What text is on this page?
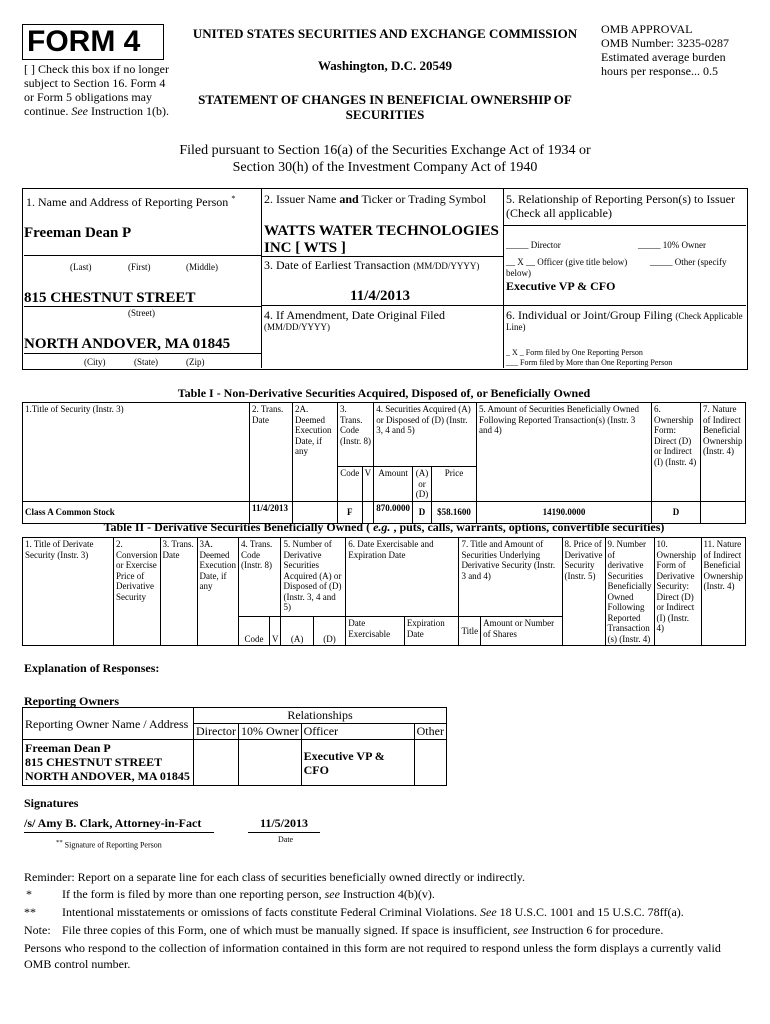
FORM 4
[ ] Check this box if no longer subject to Section 16. Form 4 or Form 5 obligations may continue. See Instruction 1(b).
UNITED STATES SECURITIES AND EXCHANGE COMMISSION
Washington, D.C. 20549
STATEMENT OF CHANGES IN BENEFICIAL OWNERSHIP OF
SECURITIES
OMB APPROVAL
OMB Number: 3235-0287
Estimated average burden
hours per response... 0.5
Filed pursuant to Section 16(a) of the Securities Exchange Act of 1934 or
Section 30(h) of the Investment Company Act of 1940
1. Name and Address of Reporting Person *
Freeman Dean P
(Last)	(First)	(Middle)
815 CHESTNUT STREET
(Street)
NORTH ANDOVER, MA 01845
(City)	(State)	(Zip)
2. Issuer Name and Ticker or Trading Symbol
WATTS WATER TECHNOLOGIES
INC [ WTS ]
3. Date of Earliest Transaction (MM/DD/YYYY)
11/4/2013
4. If Amendment, Date Original Filed
(MM/DD/YYYY)
5. Relationship of Reporting Person(s) to Issuer
(Check all applicable)
_____ Director	_____ 10% Owner
__ X __ Officer (give title below)	_____ Other (specify
below)
Executive VP & CFO
6. Individual or Joint/Group Filing (Check Applicable
Line)
_ X _ Form filed by One Reporting Person
___ Form filed by More than One Reporting Person
Table I - Non-Derivative Securities Acquired, Disposed of, or Beneficially Owned
1.Title of Security (Instr. 3)	2. Trans. Date	2A. Deemed Execution Date, if any	3. Trans. Code (Instr. 8)		4. Securities Acquired (A) or Disposed of (D) (Instr. 3, 4 and 5)			5. Amount of Securities Beneficially Owned Following Reported Transaction(s) (Instr. 3 and 4)	6. Ownership Form: Direct (D) or Indirect (I) (Instr. 4)	7. Nature of Indirect Beneficial Ownership (Instr. 4)
			Code	V	Amount	(A) or (D)	Price			
Class A Common Stock	11/4/2013		F		870.0000	D	$58.1600	14190.0000	D	
Table II - Derivative Securities Beneficially Owned ( e.g. , puts, calls, warrants, options, convertible securities)
1. Title of Derivate Security (Instr. 3)	2. Conversion or Exercise Price of Derivative Security	3. Trans. Date	3A. Deemed Execution Date, if any	4. Trans. Code (Instr. 8)		5. Number of Derivative Securities Acquired (A) or Disposed of (D) (Instr. 3, 4 and 5)		6. Date Exercisable and Expiration Date		7. Title and Amount of Securities Underlying Derivative Security (Instr. 3 and 4)		8. Price of Derivative Security (Instr. 5)	9. Number of derivative Securities Beneficially Owned Following Reported Transaction (s) (Instr. 4)	10. Ownership Form of Derivative Security: Direct (D) or Indirect (I) (Instr. 4)	11. Nature of Indirect Beneficial Ownership (Instr. 4)
				Code	V	(A)	(D)	Date Exercisable	Expiration Date	Title	Amount or Number of Shares				
Explanation of Responses:
Reporting Owners
Reporting Owner Name / Address	Relationships			
	Director	10% Owner	Officer	Other

Freeman Dean P
815 CHESTNUT STREET
NORTH ANDOVER, MA 01845			Executive VP & CFO	
Signatures
/s/ Amy B. Clark, Attorney-in-Fact	11/5/2013
** Signature of Reporting Person
Date
Reminder: Report on a separate line for each class of securities beneficially owned directly or indirectly.
*	If the form is filed by more than one reporting person, see Instruction 4(b)(v).
** Intentional misstatements or omissions of facts constitute Federal Criminal Violations. See 18 U.S.C. 1001 and 15 U.S.C. 78ff(a).
Note: File three copies of this Form, one of which must be manually signed. If space is insufficient, see Instruction 6 for procedure.
Persons who respond to the collection of information contained in this form are not required to respond unless the form displays a currently valid OMB control number.
